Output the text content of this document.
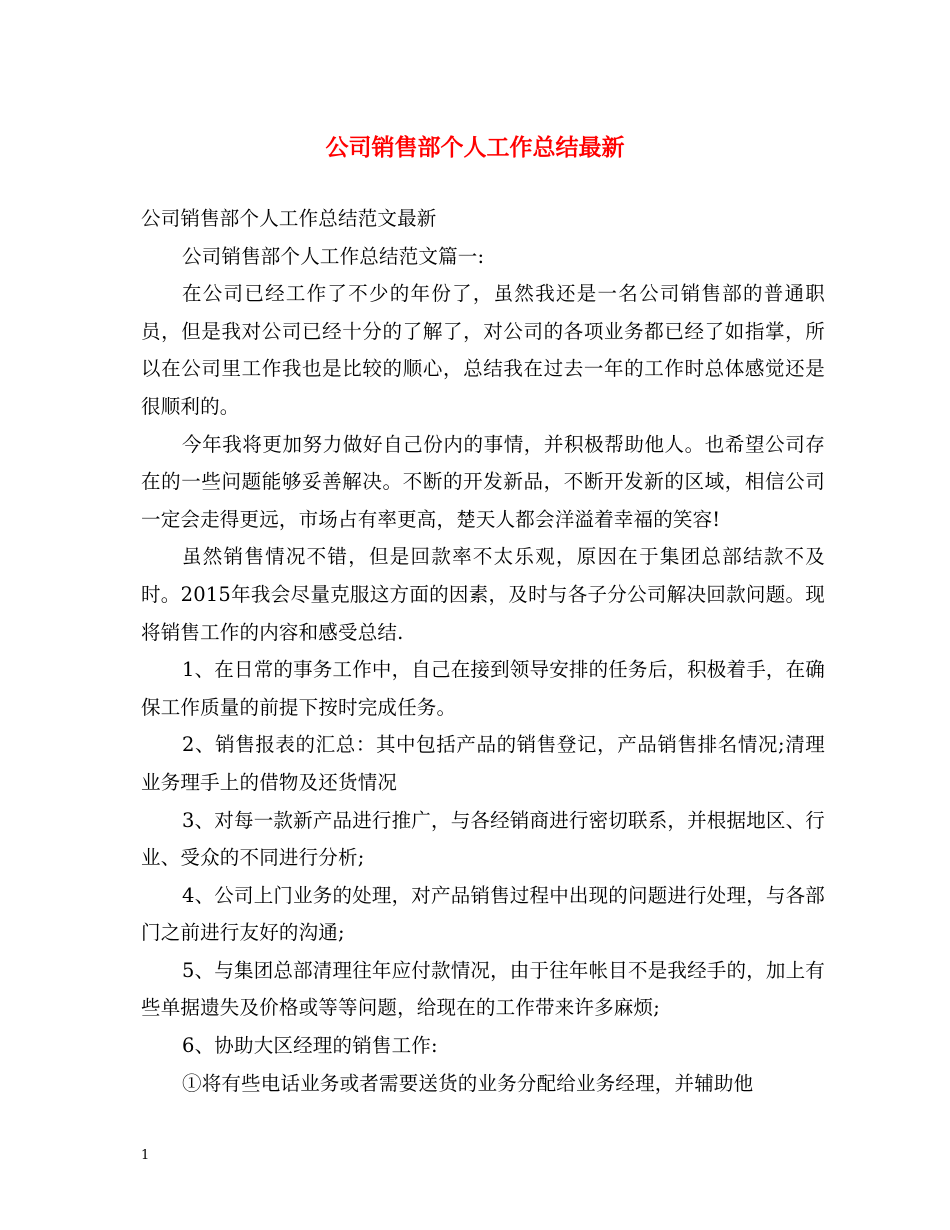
公司销售部个人工作总结最新

公司销售部个人工作总结范文最新

公司销售部个人工作总结范文篇一:

在公司已经工作了不少的年份了，虽然我还是一名公司销售部的普通职员，但是我对公司已经十分的了解了，对公司的各项业务都已经了如指掌，所以在公司里工作我也是比较的顺心，总结我在过去一年的工作时总体感觉还是很顺利的。

今年我将更加努力做好自己份内的事情，并积极帮助他人。也希望公司存在的一些问题能够妥善解决。不断的开发新品，不断开发新的区域，相信公司一定会走得更远，市场占有率更高，楚天人都会洋溢着幸福的笑容!

虽然销售情况不错，但是回款率不太乐观，原因在于集团总部结款不及时。2015年我会尽量克服这方面的因素，及时与各子分公司解决回款问题。现将销售工作的内容和感受总结.

1、在日常的事务工作中，自己在接到领导安排的任务后，积极着手，在确保工作质量的前提下按时完成任务。

2、销售报表的汇总：其中包括产品的销售登记，产品销售排名情况;清理业务理手上的借物及还货情况

3、对每一款新产品进行推广，与各经销商进行密切联系，并根据地区、行业、受众的不同进行分析;

4、公司上门业务的处理，对产品销售过程中出现的问题进行处理，与各部门之前进行友好的沟通;

5、与集团总部清理往年应付款情况，由于往年帐目不是我经手的，加上有些单据遗失及价格或等等问题，给现在的工作带来许多麻烦;

6、协助大区经理的销售工作:

①将有些电话业务或者需要送货的业务分配给业务经理，并辅助他

1
